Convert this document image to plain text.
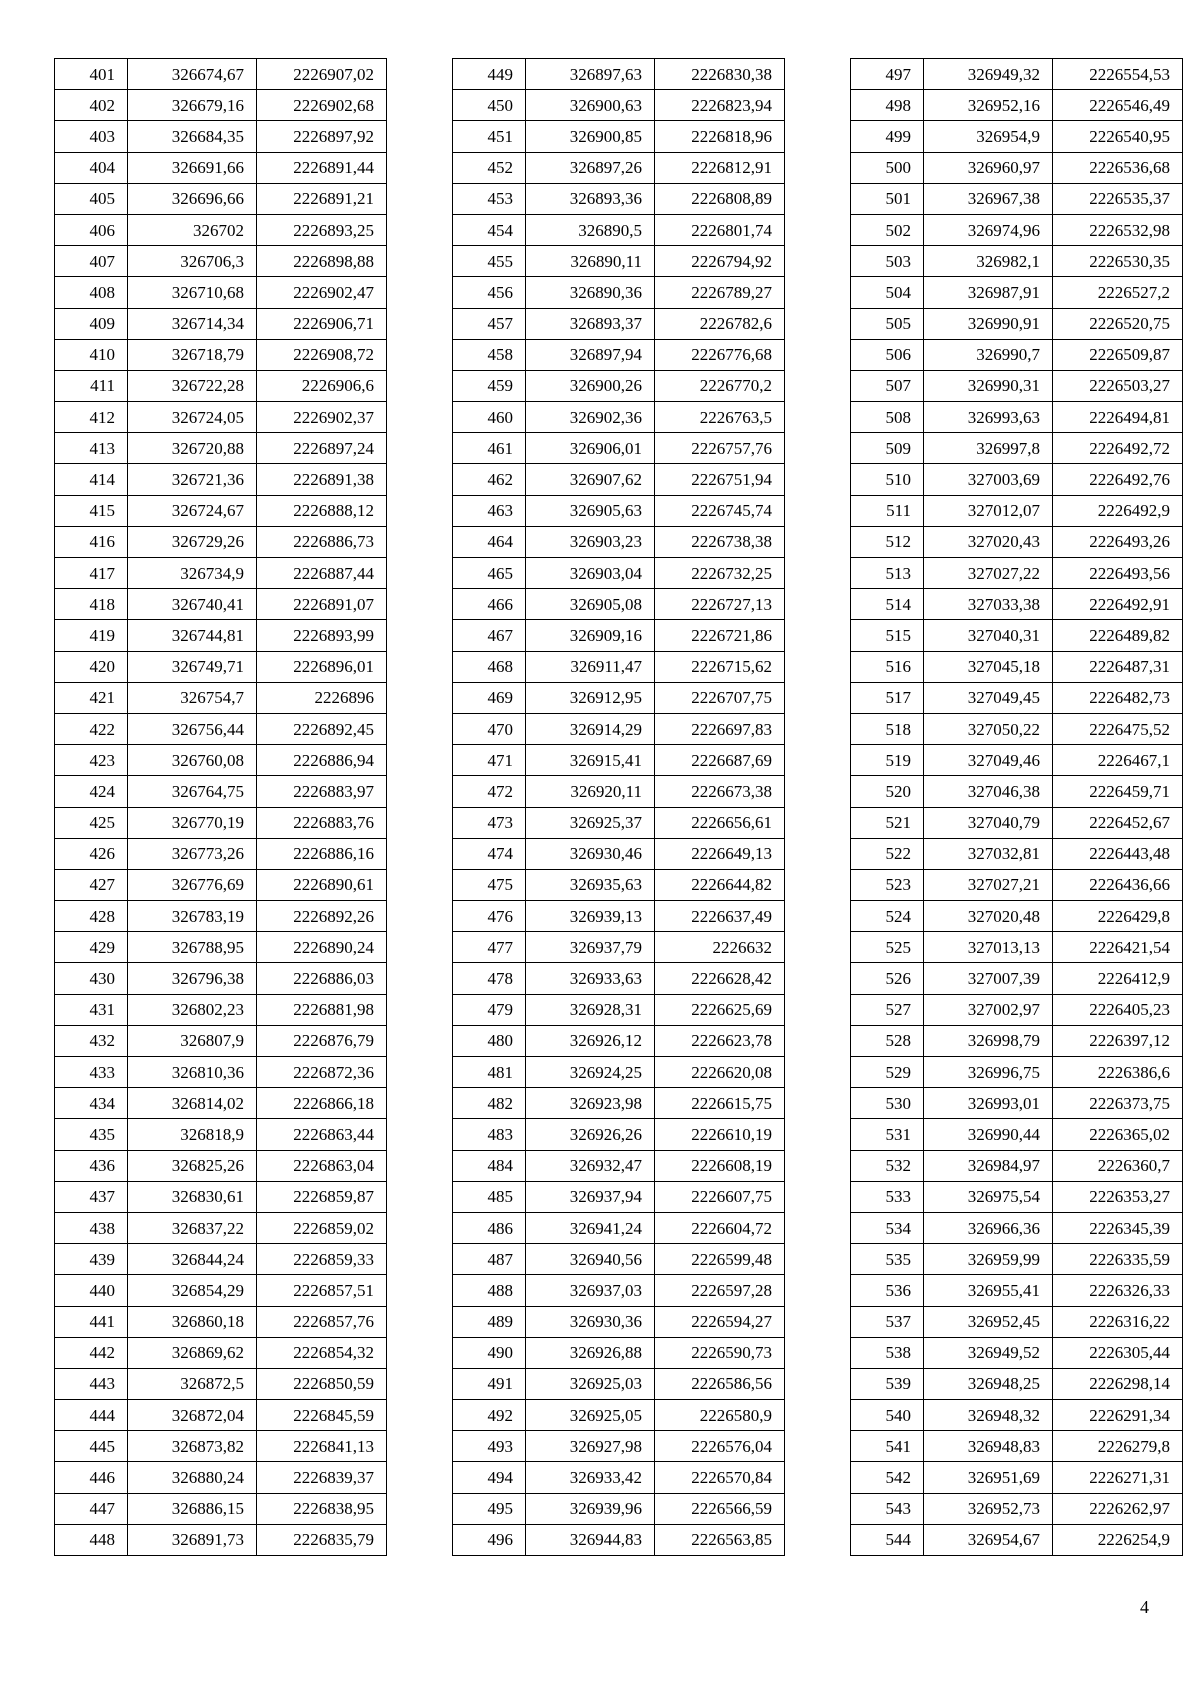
401	326674,67	2226907,02
402	326679,16	2226902,68
403	326684,35	2226897,92
404	326691,66	2226891,44
405	326696,66	2226891,21
406	326702	2226893,25
407	326706,3	2226898,88
408	326710,68	2226902,47
409	326714,34	2226906,71
410	326718,79	2226908,72
411	326722,28	2226906,6
412	326724,05	2226902,37
413	326720,88	2226897,24
414	326721,36	2226891,38
415	326724,67	2226888,12
416	326729,26	2226886,73
417	326734,9	2226887,44
418	326740,41	2226891,07
419	326744,81	2226893,99
420	326749,71	2226896,01
421	326754,7	2226896
422	326756,44	2226892,45
423	326760,08	2226886,94
424	326764,75	2226883,97
425	326770,19	2226883,76
426	326773,26	2226886,16
427	326776,69	2226890,61
428	326783,19	2226892,26
429	326788,95	2226890,24
430	326796,38	2226886,03
431	326802,23	2226881,98
432	326807,9	2226876,79
433	326810,36	2226872,36
434	326814,02	2226866,18
435	326818,9	2226863,44
436	326825,26	2226863,04
437	326830,61	2226859,87
438	326837,22	2226859,02
439	326844,24	2226859,33
440	326854,29	2226857,51
441	326860,18	2226857,76
442	326869,62	2226854,32
443	326872,5	2226850,59
444	326872,04	2226845,59
445	326873,82	2226841,13
446	326880,24	2226839,37
447	326886,15	2226838,95
448	326891,73	2226835,79
449	326897,63	2226830,38
450	326900,63	2226823,94
451	326900,85	2226818,96
452	326897,26	2226812,91
453	326893,36	2226808,89
454	326890,5	2226801,74
455	326890,11	2226794,92
456	326890,36	2226789,27
457	326893,37	2226782,6
458	326897,94	2226776,68
459	326900,26	2226770,2
460	326902,36	2226763,5
461	326906,01	2226757,76
462	326907,62	2226751,94
463	326905,63	2226745,74
464	326903,23	2226738,38
465	326903,04	2226732,25
466	326905,08	2226727,13
467	326909,16	2226721,86
468	326911,47	2226715,62
469	326912,95	2226707,75
470	326914,29	2226697,83
471	326915,41	2226687,69
472	326920,11	2226673,38
473	326925,37	2226656,61
474	326930,46	2226649,13
475	326935,63	2226644,82
476	326939,13	2226637,49
477	326937,79	2226632
478	326933,63	2226628,42
479	326928,31	2226625,69
480	326926,12	2226623,78
481	326924,25	2226620,08
482	326923,98	2226615,75
483	326926,26	2226610,19
484	326932,47	2226608,19
485	326937,94	2226607,75
486	326941,24	2226604,72
487	326940,56	2226599,48
488	326937,03	2226597,28
489	326930,36	2226594,27
490	326926,88	2226590,73
491	326925,03	2226586,56
492	326925,05	2226580,9
493	326927,98	2226576,04
494	326933,42	2226570,84
495	326939,96	2226566,59
496	326944,83	2226563,85
497	326949,32	2226554,53
498	326952,16	2226546,49
499	326954,9	2226540,95
500	326960,97	2226536,68
501	326967,38	2226535,37
502	326974,96	2226532,98
503	326982,1	2226530,35
504	326987,91	2226527,2
505	326990,91	2226520,75
506	326990,7	2226509,87
507	326990,31	2226503,27
508	326993,63	2226494,81
509	326997,8	2226492,72
510	327003,69	2226492,76
511	327012,07	2226492,9
512	327020,43	2226493,26
513	327027,22	2226493,56
514	327033,38	2226492,91
515	327040,31	2226489,82
516	327045,18	2226487,31
517	327049,45	2226482,73
518	327050,22	2226475,52
519	327049,46	2226467,1
520	327046,38	2226459,71
521	327040,79	2226452,67
522	327032,81	2226443,48
523	327027,21	2226436,66
524	327020,48	2226429,8
525	327013,13	2226421,54
526	327007,39	2226412,9
527	327002,97	2226405,23
528	326998,79	2226397,12
529	326996,75	2226386,6
530	326993,01	2226373,75
531	326990,44	2226365,02
532	326984,97	2226360,7
533	326975,54	2226353,27
534	326966,36	2226345,39
535	326959,99	2226335,59
536	326955,41	2226326,33
537	326952,45	2226316,22
538	326949,52	2226305,44
539	326948,25	2226298,14
540	326948,32	2226291,34
541	326948,83	2226279,8
542	326951,69	2226271,31
543	326952,73	2226262,97
544	326954,67	2226254,9
4
